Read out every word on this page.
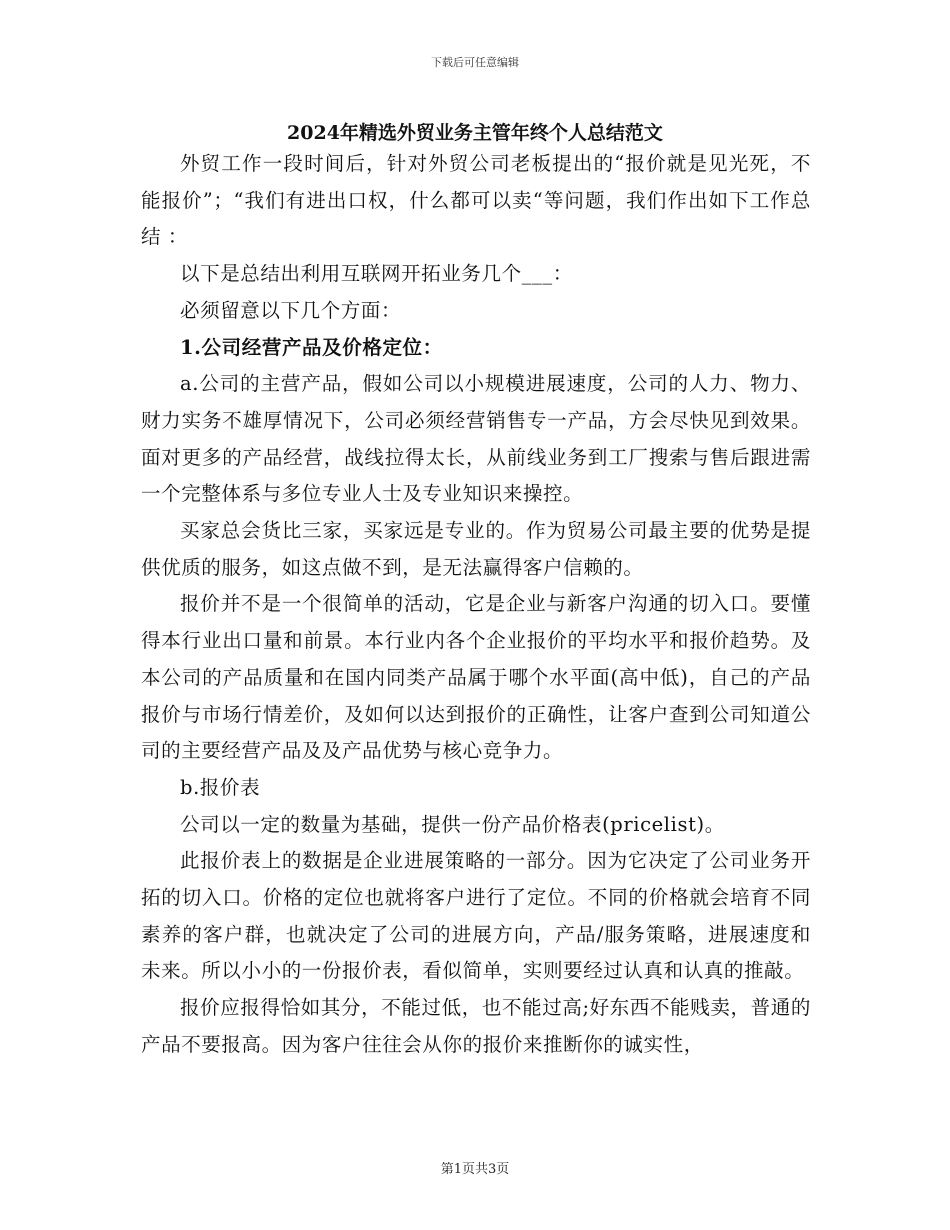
下载后可任意编辑
2024年精选外贸业务主管年终个人总结范文

外贸工作一段时间后，针对外贸公司老板提出的“报价就是见光死，不能报价”；“我们有进出口权，什么都可以卖“等问题，我们作出如下工作总结 ：

以下是总结出利用互联网开拓业务几个___：

必须留意以下几个方面：

1.公司经营产品及价格定位：

a.公司的主营产品，假如公司以小规模进展速度，公司的人力、物力、财力实务不雄厚情况下，公司必须经营销售专一产品，方会尽快见到效果。面对更多的产品经营，战线拉得太长，从前线业务到工厂搜索与售后跟进需一个完整体系与多位专业人士及专业知识来操控。

买家总会货比三家，买家远是专业的。作为贸易公司最主要的优势是提供优质的服务，如这点做不到，是无法赢得客户信赖的。

报价并不是一个很简单的活动，它是企业与新客户沟通的切入口。要懂得本行业出口量和前景。本行业内各个企业报价的平均水平和报价趋势。及本公司的产品质量和在国内同类产品属于哪个水平面(高中低)，自己的产品报价与市场行情差价，及如何以达到报价的正确性，让客户查到公司知道公司的主要经营产品及及产品优势与核心竞争力。

b.报价表

公司以一定的数量为基础，提供一份产品价格表(pricelist)。

此报价表上的数据是企业进展策略的一部分。因为它决定了公司业务开拓的切入口。价格的定位也就将客户进行了定位。不同的价格就会培育不同素养的客户群，也就决定了公司的进展方向，产品/服务策略，进展速度和未来。所以小小的一份报价表，看似简单，实则要经过认真和认真的推敲。

报价应报得恰如其分，不能过低，也不能过高;好东西不能贱卖，普通的产品不要报高。因为客户往往会从你的报价来推断你的诚实性，

第1页共3页
